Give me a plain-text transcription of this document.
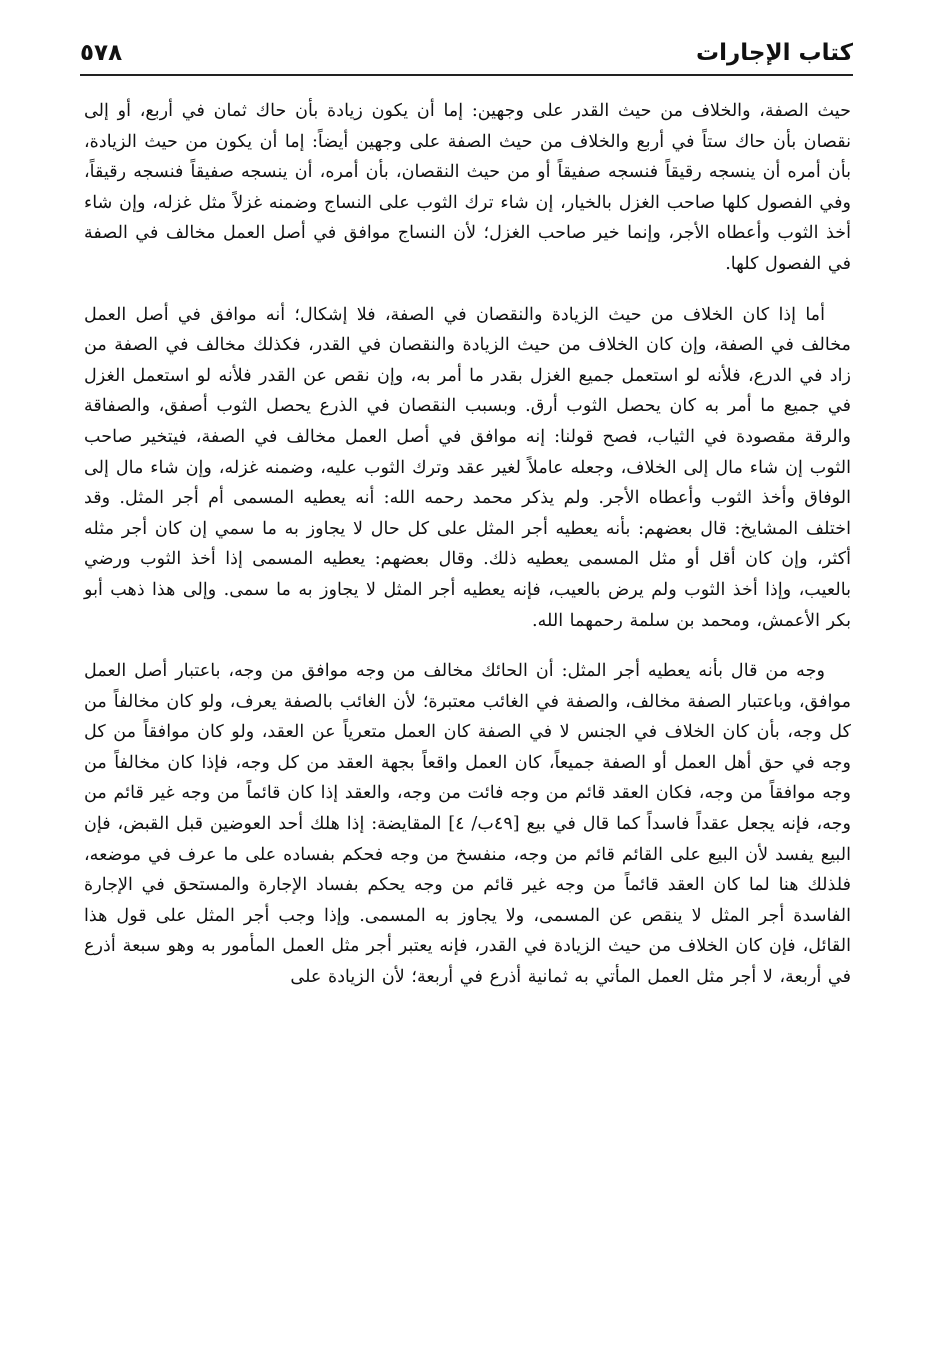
٥٧٨	كتاب الإجارات

حيث الصفة، والخلاف من حيث القدر على وجهين: إما أن يكون زيادة بأن حاك ثمان في أربع، أو إلى نقصان بأن حاك ستاً في أربع والخلاف من حيث الصفة على وجهين أيضاً: إما أن يكون من حيث الزيادة، بأن أمره أن ينسجه رقيقاً فنسجه صفيقاً أو من حيث النقصان، بأن أمره، أن ينسجه صفيقاً فنسجه رقيقاً، وفي الفصول كلها صاحب الغزل بالخيار، إن شاء ترك الثوب على النساج وضمنه غزلاً مثل غزله، وإن شاء أخذ الثوب وأعطاه الأجر، وإنما خير صاحب الغزل؛ لأن النساج موافق في أصل العمل مخالف في الصفة في الفصول كلها.

أما إذا كان الخلاف من حيث الزيادة والنقصان في الصفة، فلا إشكال؛ أنه موافق في أصل العمل مخالف في الصفة، وإن كان الخلاف من حيث الزيادة والنقصان في القدر، فكذلك مخالف في الصفة من زاد في الدرع، فلأنه لو استعمل جميع الغزل بقدر ما أمر به، وإن نقص عن القدر فلأنه لو استعمل الغزل في جميع ما أمر به كان يحصل الثوب أرق. وبسبب النقصان في الذرع يحصل الثوب أصفق، والصفاقة والرقة مقصودة في الثياب، فصح قولنا: إنه موافق في أصل العمل مخالف في الصفة، فيتخير صاحب الثوب إن شاء مال إلى الخلاف، وجعله عاملاً لغير عقد وترك الثوب عليه، وضمنه غزله، وإن شاء مال إلى الوفاق وأخذ الثوب وأعطاه الأجر. ولم يذكر محمد رحمه الله: أنه يعطيه المسمى أم أجر المثل. وقد اختلف المشايخ: قال بعضهم: بأنه يعطيه أجر المثل على كل حال لا يجاوز به ما سمي إن كان أجر مثله أكثر، وإن كان أقل أو مثل المسمى يعطيه ذلك. وقال بعضهم: يعطيه المسمى إذا أخذ الثوب ورضي بالعيب، وإذا أخذ الثوب ولم يرض بالعيب، فإنه يعطيه أجر المثل لا يجاوز به ما سمى. وإلى هذا ذهب أبو بكر الأعمش، ومحمد بن سلمة رحمهما الله.

وجه من قال بأنه يعطيه أجر المثل: أن الحائك مخالف من وجه موافق من وجه، باعتبار أصل العمل موافق، وباعتبار الصفة مخالف، والصفة في الغائب معتبرة؛ لأن الغائب بالصفة يعرف، ولو كان مخالفاً من كل وجه، بأن كان الخلاف في الجنس لا في الصفة كان العمل متعرياً عن العقد، ولو كان موافقاً من كل وجه في حق أهل العمل أو الصفة جميعاً، كان العمل واقعاً بجهة العقد من كل وجه، فإذا كان مخالفاً من وجه موافقاً من وجه، فكان العقد قائم من وجه فائت من وجه، والعقد إذا كان قائماً من وجه غير قائم من وجه، فإنه يجعل عقداً فاسداً كما قال في بيع [٤٩ب/ ٤] المقايضة: إذا هلك أحد العوضين قبل القبض، فإن البيع يفسد لأن البيع على القائم قائم من وجه، منفسخ من وجه فحكم بفساده على ما عرف في موضعه، فلذلك هنا لما كان العقد قائماً من وجه غير قائم من وجه يحكم بفساد الإجارة والمستحق في الإجارة الفاسدة أجر المثل لا ينقص عن المسمى، ولا يجاوز به المسمى. وإذا وجب أجر المثل على قول هذا القائل، فإن كان الخلاف من حيث الزيادة في القدر، فإنه يعتبر أجر مثل العمل المأمور به وهو سبعة أذرع في أربعة، لا أجر مثل العمل المأتي به ثمانية أذرع في أربعة؛ لأن الزيادة على
